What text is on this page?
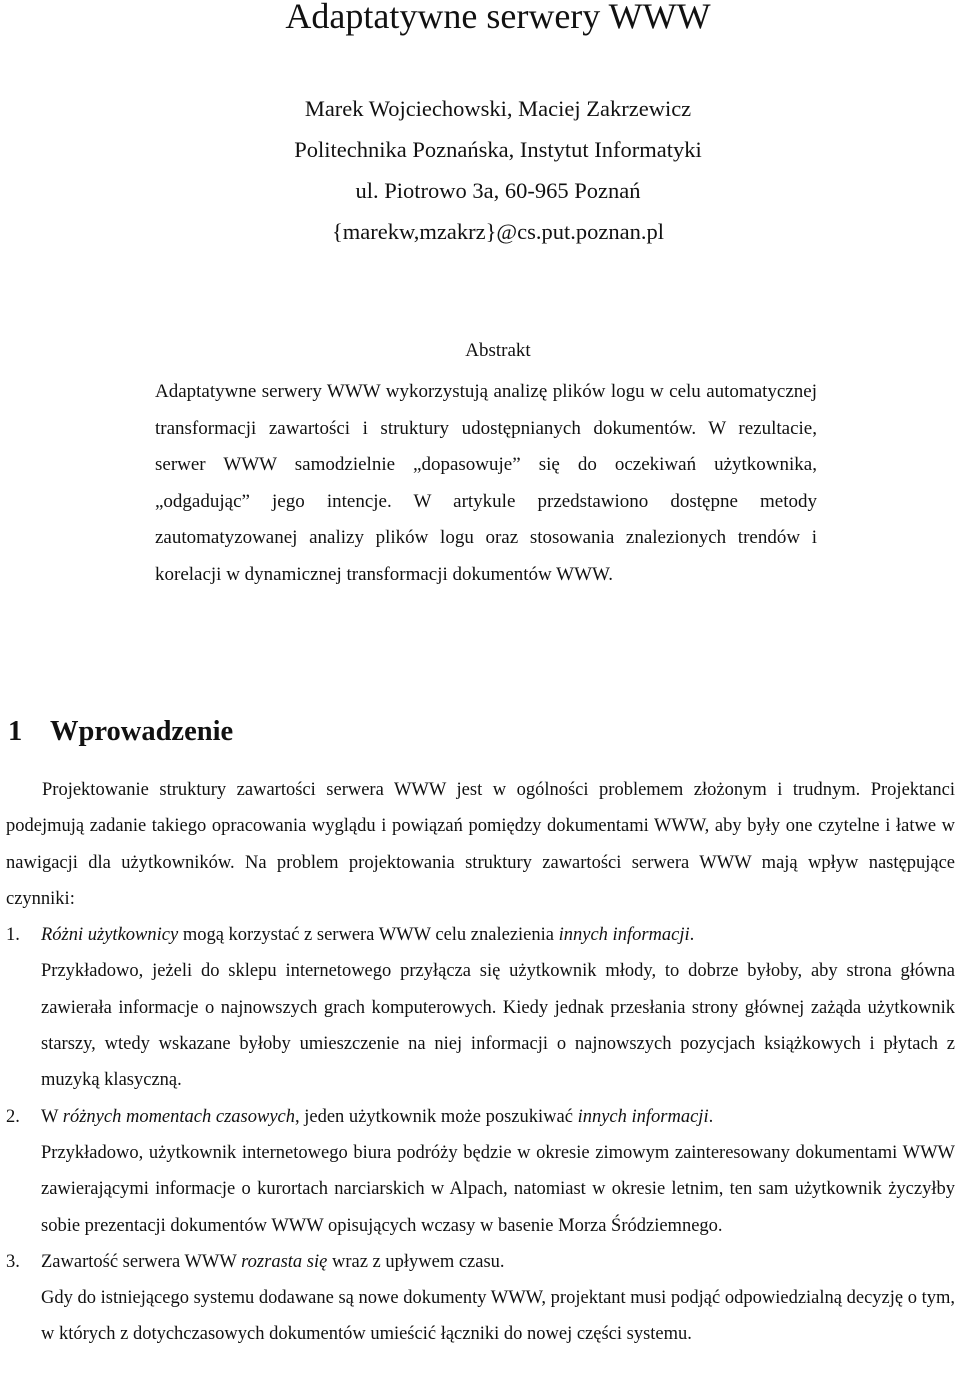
Adaptatywne serwery WWW
Marek Wojciechowski, Maciej Zakrzewicz
Politechnika Poznańska, Instytut Informatyki
ul. Piotrowo 3a, 60-965 Poznań
{marekw,mzakrz}@cs.put.poznan.pl
Abstrakt

Adaptatywne serwery WWW wykorzystują analizę plików logu w celu automatycznej transformacji zawartości i struktury udostępnianych dokumentów. W rezultacie, serwer WWW samodzielnie „dopasowuje” się do oczekiwań użytkownika, „odgadując” jego intencje. W artykule przedstawiono dostępne metody zautomatyzowanej analizy plików logu oraz stosowania znalezionych trendów i korelacji w dynamicznej transformacji dokumentów WWW.

1 Wprowadzenie

Projektowanie struktury zawartości serwera WWW jest w ogólności problemem złożonym i trudnym. Projektanci podejmują zadanie takiego opracowania wyglądu i powiązań pomiędzy dokumentami WWW, aby były one czytelne i łatwe w nawigacji dla użytkowników. Na problem projektowania struktury zawartości serwera WWW mają wpływ następujące czynniki:

1. Różni użytkownicy mogą korzystać z serwera WWW celu znalezienia innych informacji.

Przykładowo, jeżeli do sklepu internetowego przyłącza się użytkownik młody, to dobrze byłoby, aby strona główna zawierała informacje o najnowszych grach komputerowych. Kiedy jednak przesłania strony głównej zażąda użytkownik starszy, wtedy wskazane byłoby umieszczenie na niej informacji o najnowszych pozycjach książkowych i płytach z muzyką klasyczną.

2. W różnych momentach czasowych, jeden użytkownik może poszukiwać innych informacji.

Przykładowo, użytkownik internetowego biura podróży będzie w okresie zimowym zainteresowany dokumentami WWW zawierającymi informacje o kurortach narciarskich w Alpach, natomiast w okresie letnim, ten sam użytkownik życzyłby sobie prezentacji dokumentów WWW opisujących wczasy w basenie Morza Śródziemnego.

3. Zawartość serwera WWW rozrasta się wraz z upływem czasu.

Gdy do istniejącego systemu dodawane są nowe dokumenty WWW, projektant musi podjąć odpowiedzialną decyzję o tym, w których z dotychczasowych dokumentów umieścić łączniki do nowej części systemu.
